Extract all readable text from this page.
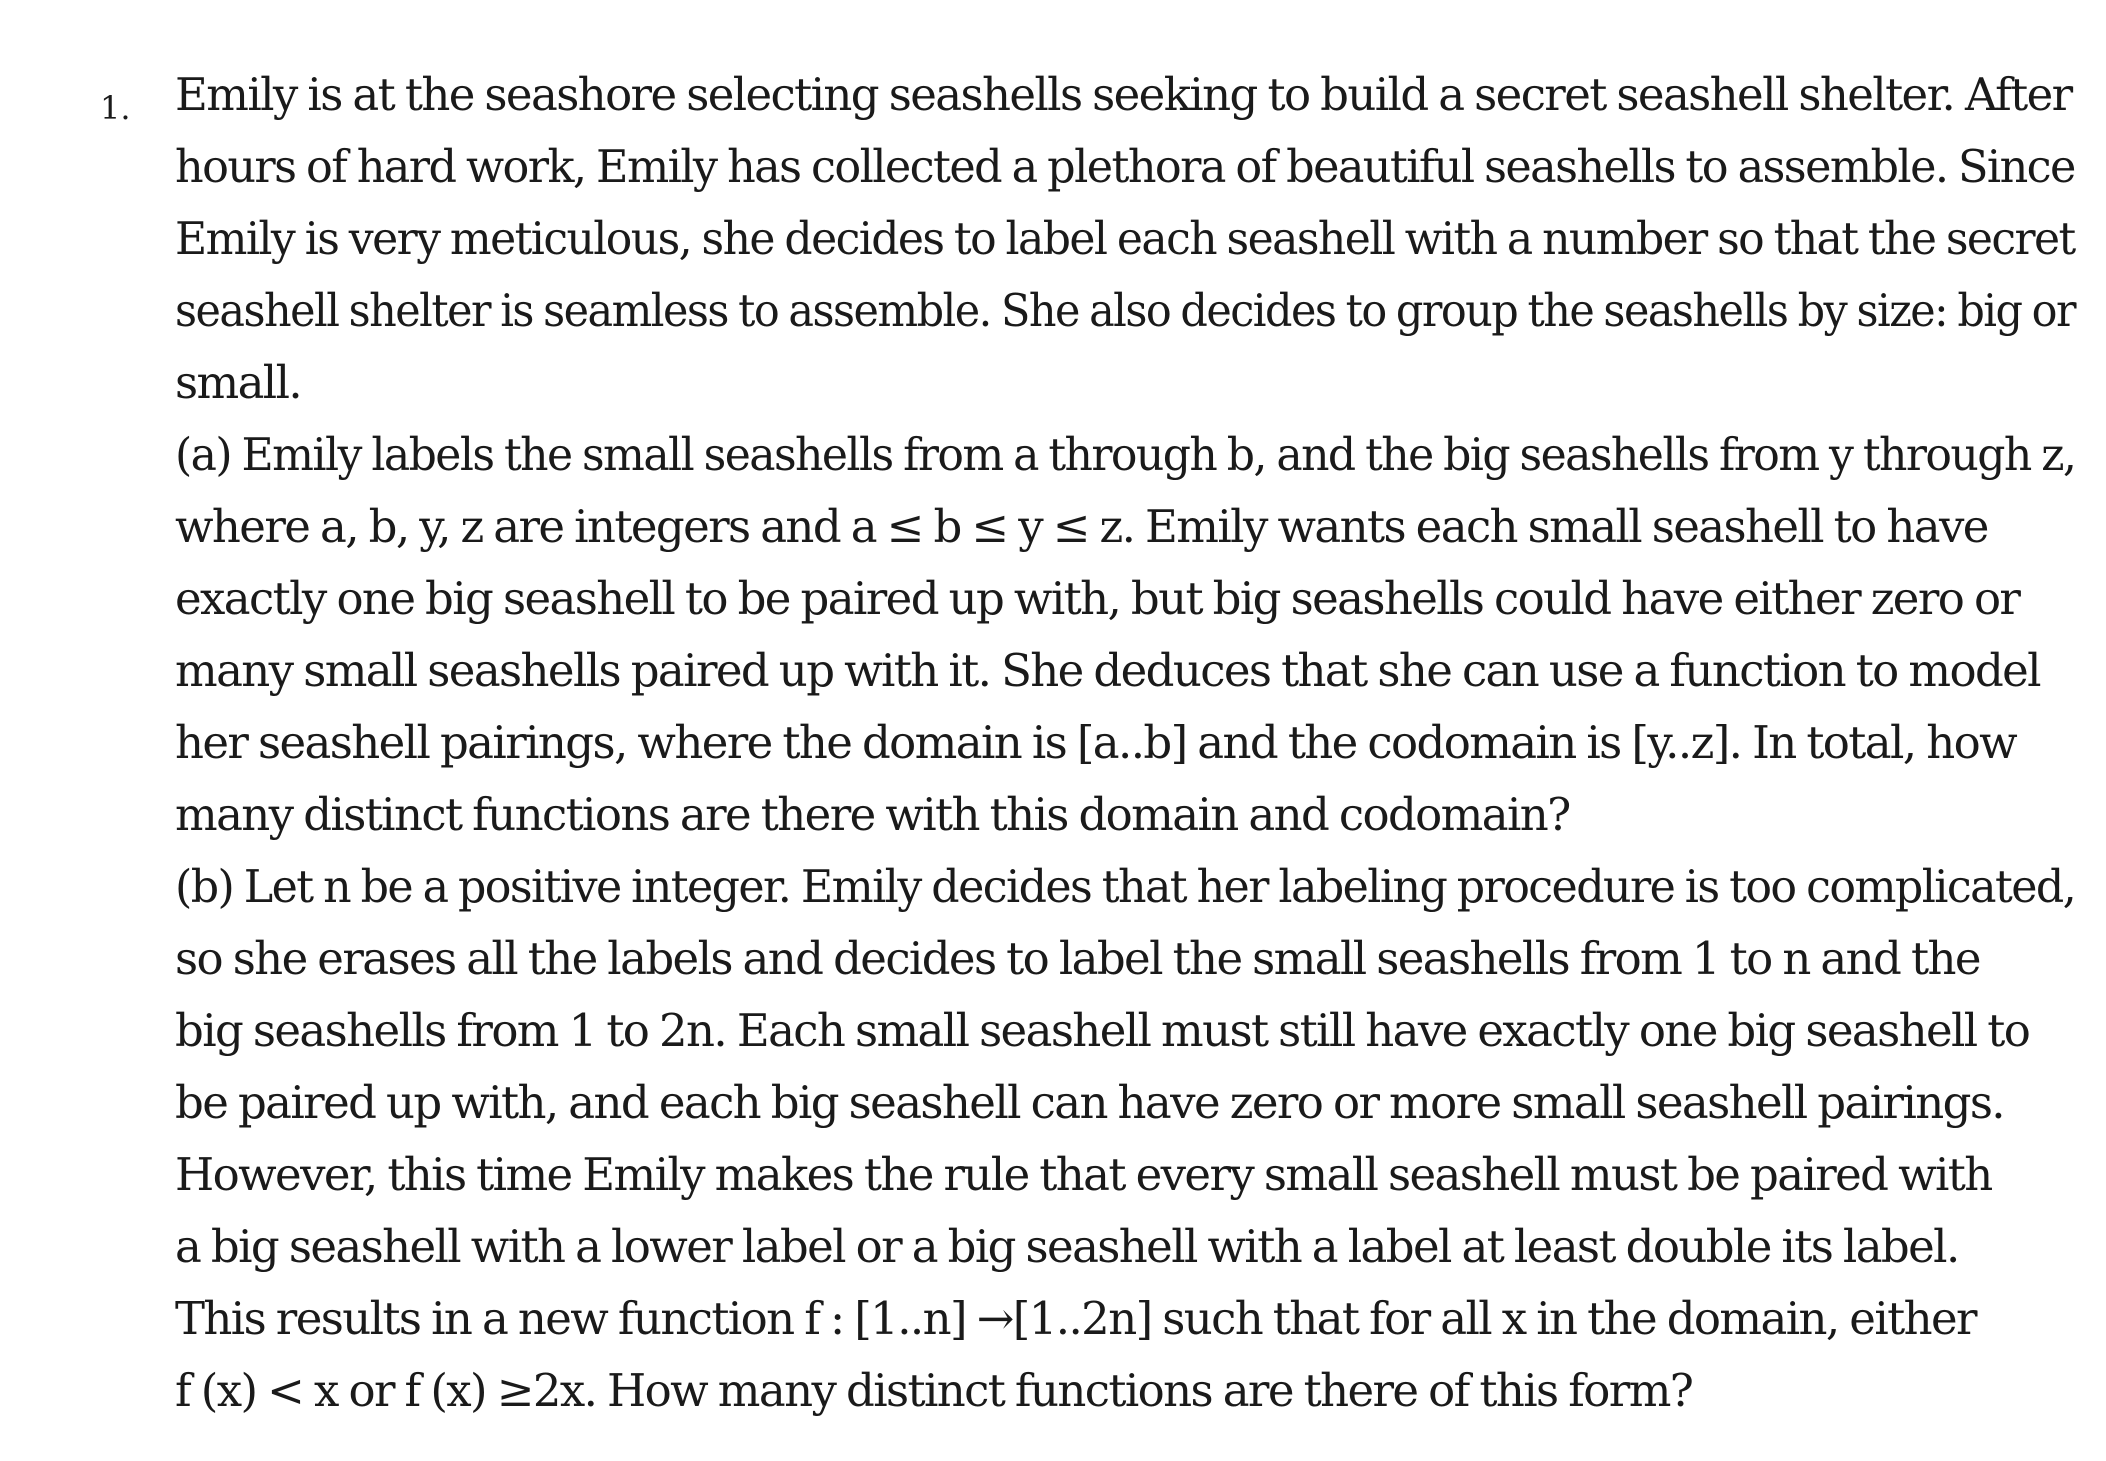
1. Emily is at the seashore selecting seashells seeking to build a secret seashell shelter. After
hours of hard work, Emily has collected a plethora of beautiful seashells to assemble. Since
Emily is very meticulous, she decides to label each seashell with a number so that the secret
seashell shelter is seamless to assemble. She also decides to group the seashells by size: big or
small.
(a) Emily labels the small seashells from a through b, and the big seashells from y through z,
where a, b, y, z are integers and a ≤ b ≤ y ≤ z. Emily wants each small seashell to have
exactly one big seashell to be paired up with, but big seashells could have either zero or
many small seashells paired up with it. She deduces that she can use a function to model
her seashell pairings, where the domain is [a..b] and the codomain is [y..z]. In total, how
many distinct functions are there with this domain and codomain?
(b) Let n be a positive integer. Emily decides that her labeling procedure is too complicated,
so she erases all the labels and decides to label the small seashells from 1 to n and the
big seashells from 1 to 2n. Each small seashell must still have exactly one big seashell to
be paired up with, and each big seashell can have zero or more small seashell pairings.
However, this time Emily makes the rule that every small seashell must be paired with
a big seashell with a lower label or a big seashell with a label at least double its label.
This results in a new function f : [1..n] →[1..2n] such that for all x in the domain, either
f (x) < x or f (x) ≥2x. How many distinct functions are there of this form?
